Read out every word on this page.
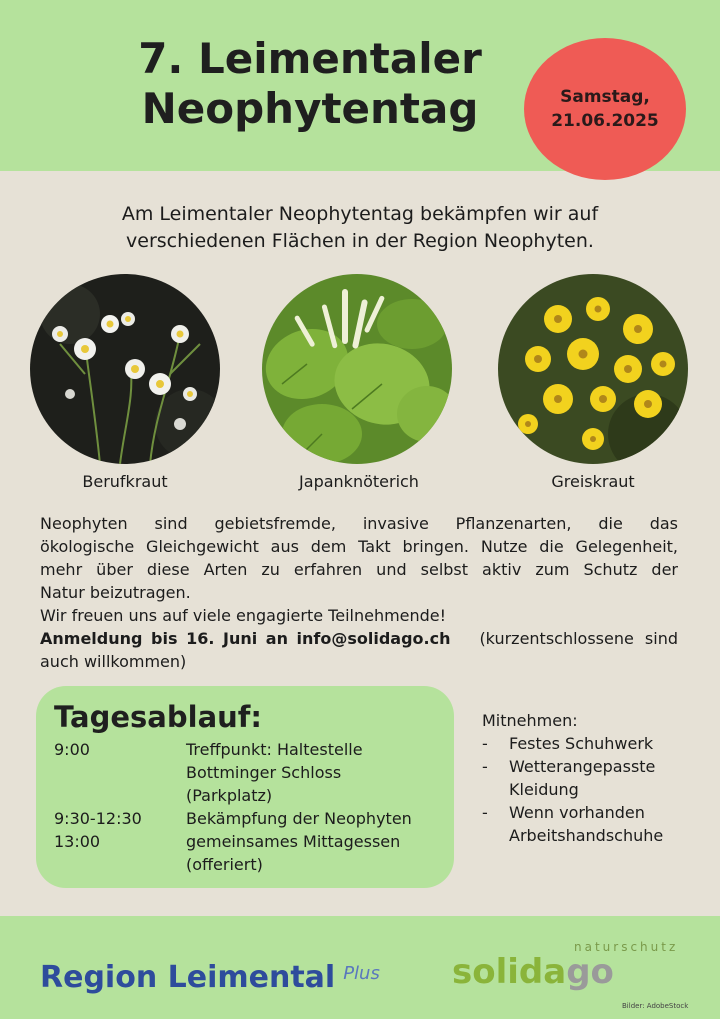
7. Leimentaler
Neophytentag	Samstag,
21.06.2025

Am Leimentaler Neophytentag bekämpfen wir auf
verschiedenen Flächen in der Region Neophyten.

Berufkraut	Japanknöterich	Greiskraut
Neophyten sind gebietsfremde, invasive Pflanzenarten, die das
ökologische Gleichgewicht aus dem Takt bringen. Nutze die Gelegenheit,
mehr über diese Arten zu erfahren und selbst aktiv zum Schutz der
Natur beizutragen.
Wir freuen uns auf viele engagierte Teilnehmende!
Anmeldung bis 16. Juni an info@solidago.ch (kurzentschlossene sind
auch willkommen)
Tagesablauf:
9:00	Treffpunkt: Haltestelle
Bottminger Schloss
(Parkplatz)
9:30-12:30	Bekämpfung der Neophyten
13:00	gemeinsames Mittagessen
(offeriert)
Mitnehmen:
- Festes Schuhwerk
- Wetterangepasste
Kleidung
- Wenn vorhanden
Arbeitshandschuhe
Region Leimental $^{Plus}$
naturschutz
solidago
Bilder: AdobeStock
